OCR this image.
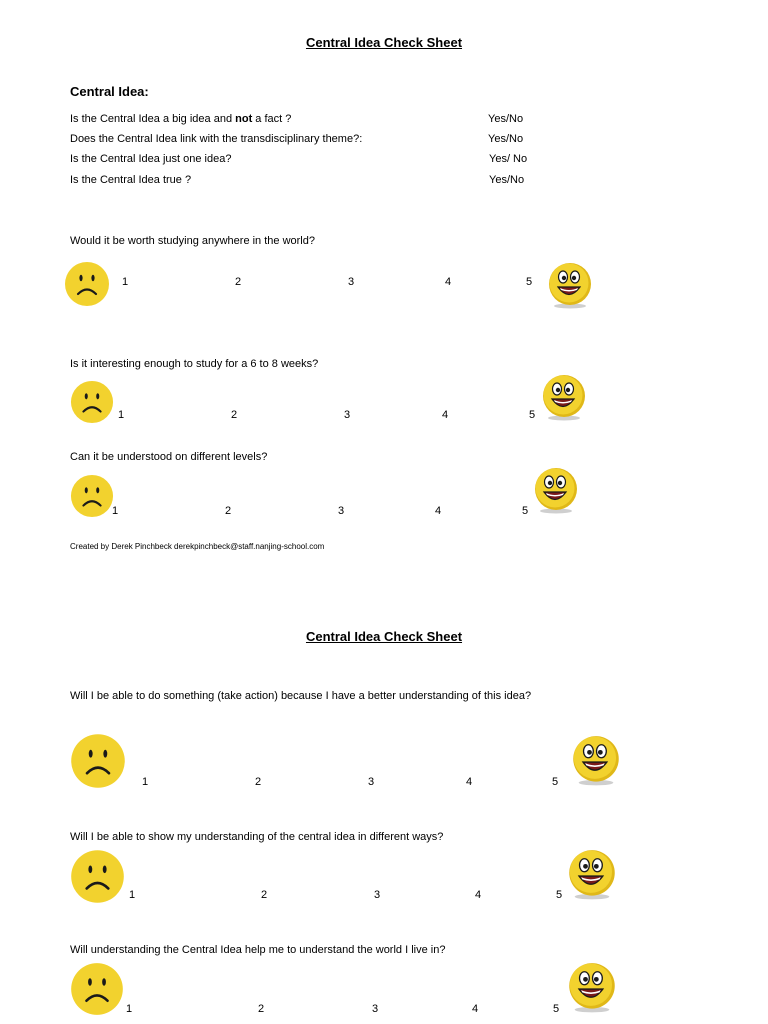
Central Idea Check Sheet
Central Idea:
Is the Central Idea a big idea and not a fact ?	Yes/No
Does the Central Idea link with the transdisciplinary theme?:	Yes/No
Is the Central Idea just one idea?	Yes/ No
Is the Central Idea true ?	Yes/No
Would it be worth studying anywhere in the world?
1	2	3	4	5
Is it interesting enough to study for a 6 to 8 weeks?
1	2	3	4	5
Can it be understood on different levels?
1	2	3	4	5
Created by Derek Pinchbeck derekpinchbeck@staff.nanjing-school.com
Central Idea Check Sheet
Will I be able to do something (take action) because I have a better understanding of this idea?
1	2	3	4	5
Will I be able to show my understanding of the central idea in different ways?
1	2	3	4	5
Will understanding the Central Idea help me to understand the world I live in?
1	2	3	4	5
